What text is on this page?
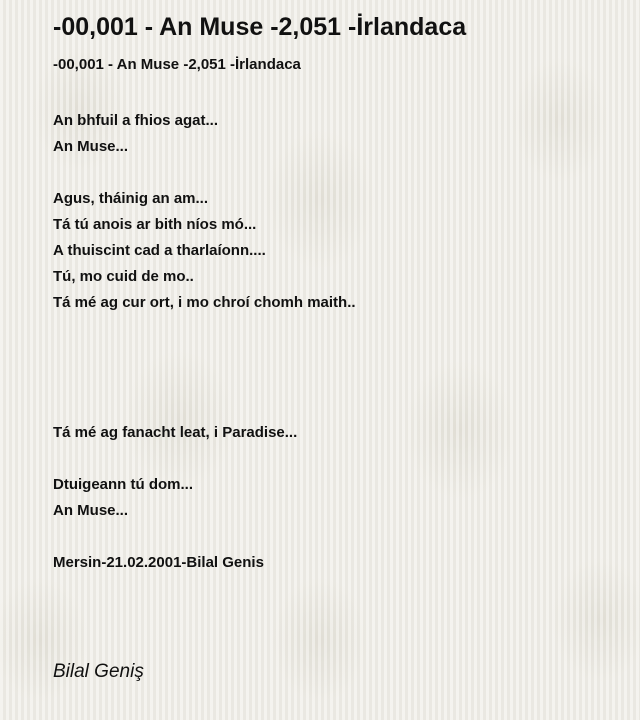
-00,001 - An Muse -2,051 -İrlandaca
-00,001 - An Muse -2,051 -İrlandaca
An bhfuil a fhios agat...
An Muse...
Agus, tháinig an am...
Tá tú anois ar bith níos mó...
A thuiscint cad a tharlaíonn....
Tú, mo cuid de mo..
Tá mé ag cur ort, i mo chroí chomh maith..
Tá mé ag fanacht leat, i Paradise...
Dtuigeann tú dom...
An Muse...
Mersin-21.02.2001-Bilal Genis
Bilal Geniş
